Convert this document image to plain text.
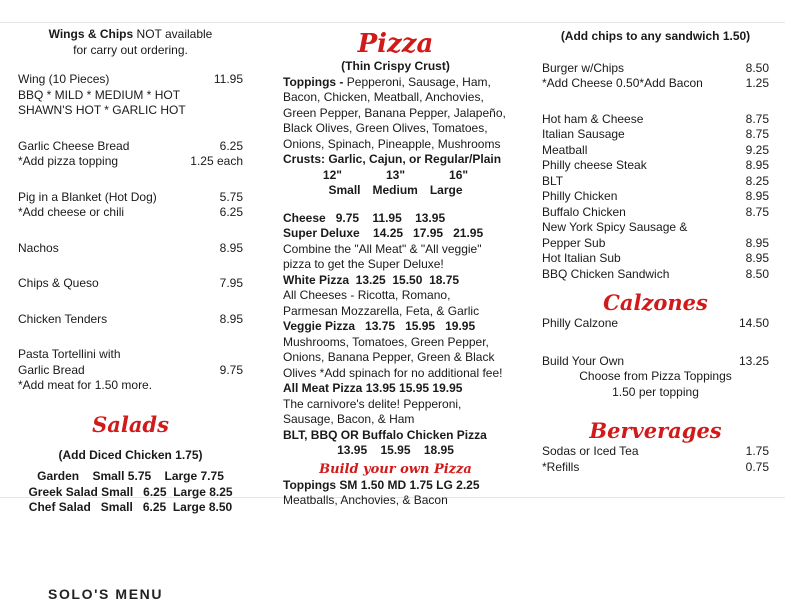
Wings & Chips NOT available
for carry out ordering.
Wing (10 Pieces)	11.95
BBQ * MILD * MEDIUM * HOT
SHAWN'S HOT * GARLIC HOT
Garlic Cheese Bread	6.25
*Add pizza topping	1.25 each
Pig in a Blanket (Hot Dog)	5.75
*Add cheese or chili	6.25
Nachos	8.95
Chips & Queso	7.95
Chicken Tenders	8.95
Pasta Tortellini with
Garlic Bread	9.75
*Add meat for 1.50 more.
Salads
(Add Diced Chicken 1.75)
Garden    Small 5.75    Large 7.75
Greek Salad Small   6.25  Large 8.25
Chef Salad   Small   6.25  Large 8.50
Pizza
(Thin Crispy Crust)
Toppings - Pepperoni, Sausage, Ham, Bacon, Chicken, Meatball, Anchovies, Green Pepper, Banana Pepper, Jalapeño, Black Olives, Green Olives, Tomatoes, Onions, Spinach, Pineapple, Mushrooms
Crusts: Garlic, Cajun, or Regular/Plain
12"	13"	16"
Small Medium Large
Cheese   9.75    11.95    13.95
Super Deluxe    14.25   17.95   21.95
Combine the "All Meat" & "All veggie" pizza to get the Super Deluxe!
White Pizza  13.25  15.50  18.75
All Cheeses - Ricotta, Romano, Parmesan Mozzarella, Feta, & Garlic
Veggie Pizza   13.75   15.95   19.95
Mushrooms, Tomatoes, Green Pepper, Onions, Banana Pepper, Green & Black Olives *Add spinach for no additional fee!
All Meat Pizza 13.95 15.95 19.95
The carnivore's delite! Pepperoni, Sausage, Bacon, & Ham
BLT, BBQ OR Buffalo Chicken Pizza
13.95    15.95    18.95
Build your own Pizza
Toppings SM 1.50 MD 1.75 LG 2.25
Meatballs, Anchovies, & Bacon
(Add chips to any sandwich 1.50)
Burger w/Chips	8.50
*Add Cheese 0.50*Add Bacon	1.25
Hot ham & Cheese	8.75
Italian Sausage	8.75
Meatball	9.25
Philly cheese Steak	8.95
BLT	8.25
Philly Chicken	8.95
Buffalo Chicken	8.75
New York Spicy Sausage &
Pepper Sub	8.95
Hot Italian Sub	8.95
BBQ Chicken Sandwich	8.50
Calzones
Philly Calzone	14.50
Build Your Own	13.25
Choose from Pizza Toppings
1.50 per topping
Berverages
Sodas or Iced Tea	1.75
*Refills	0.75
SOLO'S MENU
